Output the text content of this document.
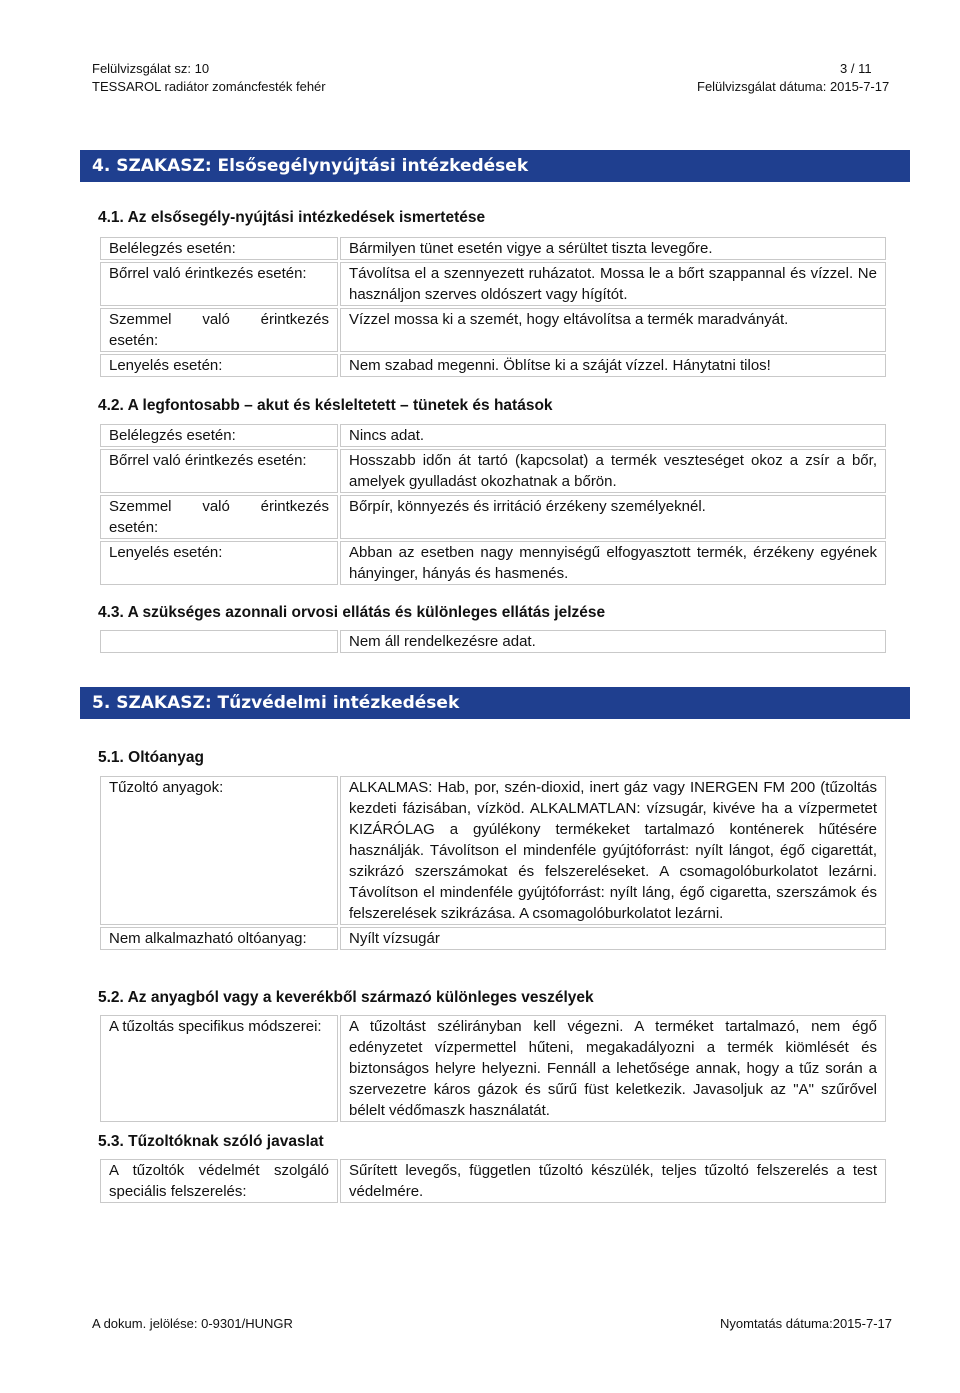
Felülvizsgálat sz: 10
TESSAROL radiátor zománcfesték fehér
3 / 11
Felülvizsgálat dátuma: 2015-7-17
4. SZAKASZ: Elsősegélynyújtási intézkedések
4.1. Az elsősegély-nyújtási intézkedések ismertetése
Belélegzés esetén:	Bármilyen tünet esetén vigye a sérültet tiszta levegőre.
Bőrrel való érintkezés esetén:	Távolítsa el a szennyezett ruházatot. Mossa le a bőrt szappannal és vízzel. Ne használjon szerves oldószert vagy hígítót.
Szemmel való érintkezés esetén:	Vízzel mossa ki a szemét, hogy eltávolítsa a termék maradványát.
Lenyelés esetén:	Nem szabad megenni. Öblítse ki a száját vízzel. Hánytatni tilos!
4.2. A legfontosabb – akut és késleltetett – tünetek és hatások
Belélegzés esetén:	Nincs adat.
Bőrrel való érintkezés esetén:	Hosszabb időn át tartó (kapcsolat) a termék veszteséget okoz a zsír a bőr, amelyek gyulladást okozhatnak a bőrön.
Szemmel való érintkezés esetén:	Bőrpír, könnyezés és irritáció érzékeny személyeknél.
Lenyelés esetén:	Abban az esetben nagy mennyiségű elfogyasztott termék, érzékeny egyének hányinger, hányás és hasmenés.
4.3. A szükséges azonnali orvosi ellátás és különleges ellátás jelzése
	Nem áll rendelkezésre adat.
5. SZAKASZ: Tűzvédelmi intézkedések
5.1. Oltóanyag
Tűzoltó anyagok:	ALKALMAS: Hab, por, szén-dioxid, inert gáz vagy INERGEN FM 200 (tűzoltás kezdeti fázisában, vízköd. ALKALMATLAN: vízsugár, kivéve ha a vízpermetet KIZÁRÓLAG a gyúlékony termékeket tartalmazó konténerek hűtésére használják. Távolítson el mindenféle gyújtóforrást: nyílt lángot, égő cigarettát, szikrázó szerszámokat és felszereléseket. A csomagolóburkolatot lezárni. Távolítson el mindenféle gyújtóforrást: nyílt láng, égő cigaretta, szerszámok és felszerelések szikrázása. A csomagolóburkolatot lezárni.
Nem alkalmazható oltóanyag:	Nyílt vízsugár
5.2. Az anyagból vagy a keverékből származó különleges veszélyek
A tűzoltás specifikus módszerei:	A tűzoltást szélirányban kell végezni. A terméket tartalmazó, nem égő edényzetet vízpermettel hűteni, megakadályozni a termék kiömlését és biztonságos helyre helyezni. Fennáll a lehetősége annak, hogy a tűz során a szervezetre káros gázok és sűrű füst keletkezik. Javasoljuk az "A" szűrővel bélelt védőmaszk használatát.
5.3. Tűzoltóknak szóló javaslat
A tűzoltók védelmét szolgáló speciális felszerelés:	Sűrített levegős, független tűzoltó készülék, teljes tűzoltó felszerelés a test védelmére.
A dokum. jelölése: 0-9301/HUNGR	Nyomtatás dátuma:2015-7-17
